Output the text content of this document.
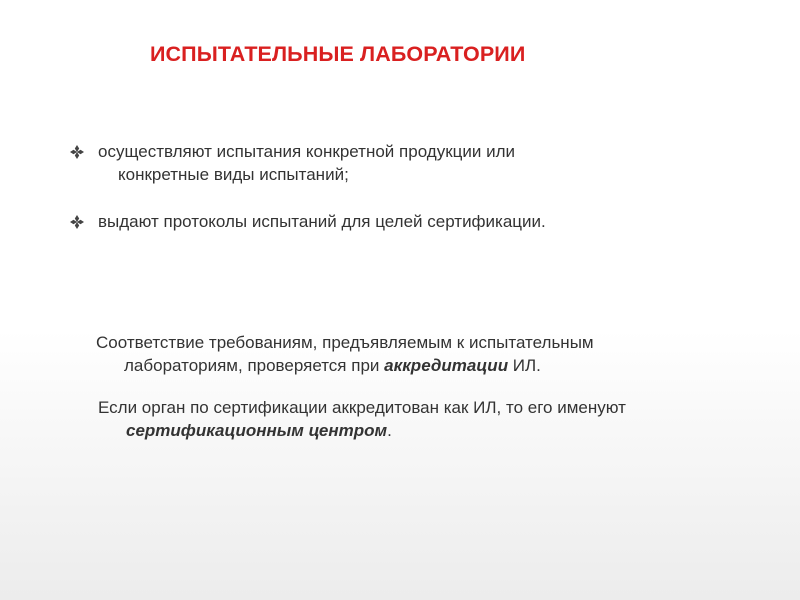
ИСПЫТАТЕЛЬНЫЕ ЛАБОРАТОРИИ
осуществляют испытания конкретной продукции или
конкретные виды испытаний;
выдают протоколы испытаний для целей сертификации.
Соответствие требованиям, предъявляемым к испытательным
лабораториям, проверяется при аккредитации ИЛ.
Если орган по сертификации аккредитован как ИЛ, то его именуют
сертификационным центром.
